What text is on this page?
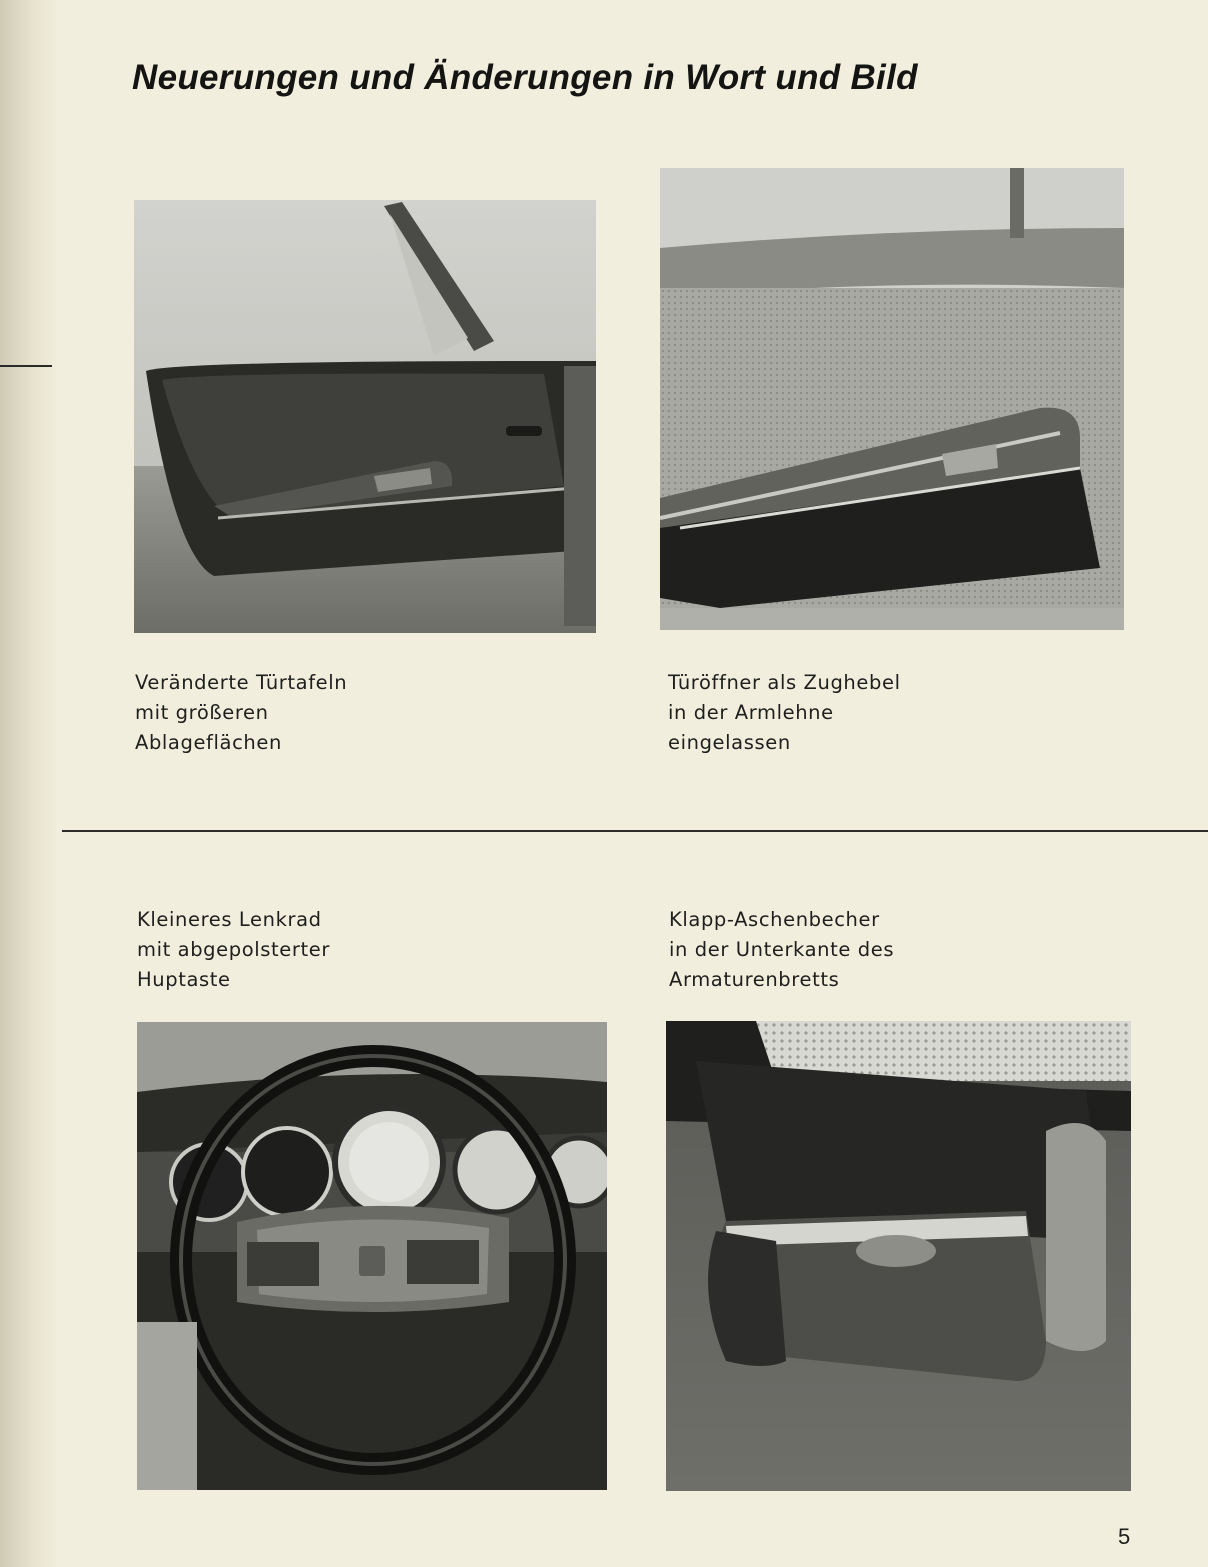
Neuerungen und Änderungen in Wort und Bild
Veränderte Türtafeln
mit größeren
Ablageflächen
Türöffner als Zughebel
in der Armlehne
eingelassen
Kleineres Lenkrad
mit abgepolsterter
Huptaste
Klapp-Aschenbecher
in der Unterkante des
Armaturenbretts
5
